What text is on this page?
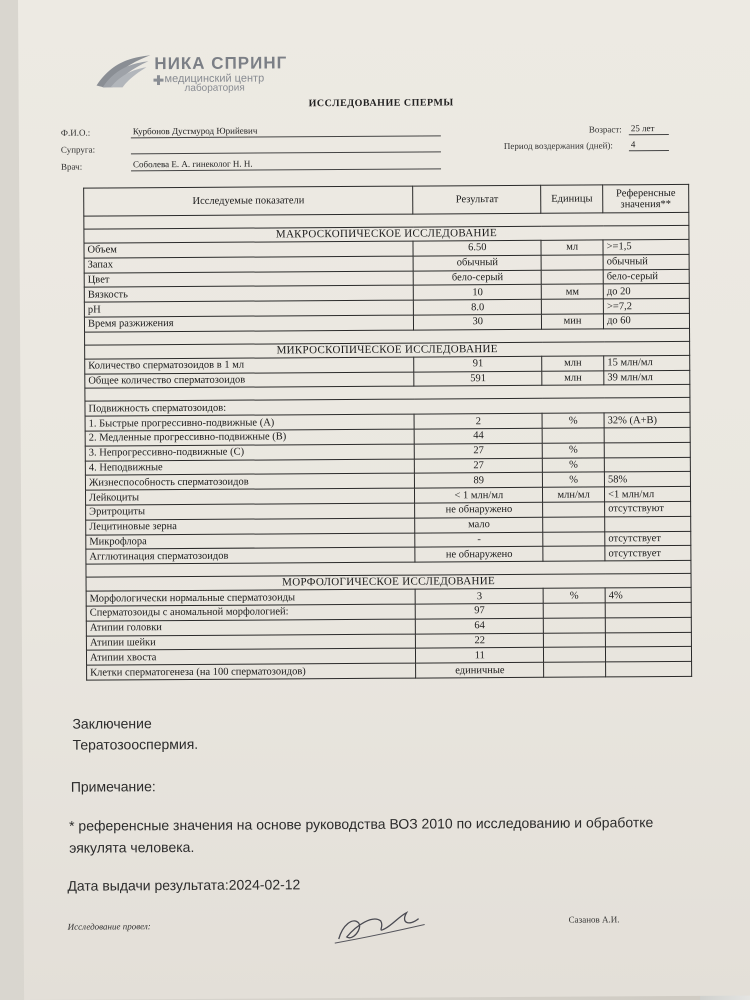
НИКА СПРИНГ
медицинский центр
лаборатория
ИССЛЕДОВАНИЕ СПЕРМЫ
Ф.И.О.:	Курбонов Дустмурод Юрийевич
Супруга:
Врач:	Соболева Е. А. гинеколог Н. Н.
Возраст: 25 лет
Период воздержания (дней): 4
Исследуемые показатели	Результат	Единицы	Референсные
значения**

МАКРОСКОПИЧЕСКОЕ ИССЛЕДОВАНИЕ			
Объем	6.50	мл	>=1,5
Запах	обычный		обычный
Цвет	бело-серый		бело-серый
Вязкость	10	мм	до 20
pH	8.0		>=7,2
Время разжижения	30	мин	до 60

МИКРОСКОПИЧЕСКОЕ ИССЛЕДОВАНИЕ			
Количество сперматозоидов в 1 мл	91	млн	15 млн/мл
Общее количество сперматозоидов	591	млн	39 млн/мл

Подвижность сперматозоидов:			
1. Быстрые прогрессивно-подвижные (А)	2	%	32% (А+В)
2. Медленные прогрессивно-подвижные (В)	44		
3. Непрогрессивно-подвижные (С)	27	%	
4. Неподвижные	27	%	
Жизнеспособность сперматозоидов	89	%	58%
Лейкоциты	< 1 млн/мл	млн/мл	<1 млн/мл
Эритроциты	не обнаружено		отсутствуют
Лецитиновые зерна	мало		
Микрофлора	-		отсутствует
Агглютинация сперматозоидов	не обнаружено		отсутствует

МОРФОЛОГИЧЕСКОЕ ИССЛЕДОВАНИЕ			
Морфологически нормальные сперматозоиды	3	%	4%
Сперматозоиды с аномальной морфологией:	97		
Атипии головки	64		
Атипии шейки	22		
Атипии хвоста	11		
Клетки сперматогенеза (на 100 сперматозоидов)	единичные		
Заключение
Тератозооспермия.
Примечание:
* референсные значения на основе руководства ВОЗ 2010 по исследованию и обработке
эякулята человека.
Дата выдачи результата:2024-02-12
Исследование провел:
Сазанов А.И.
